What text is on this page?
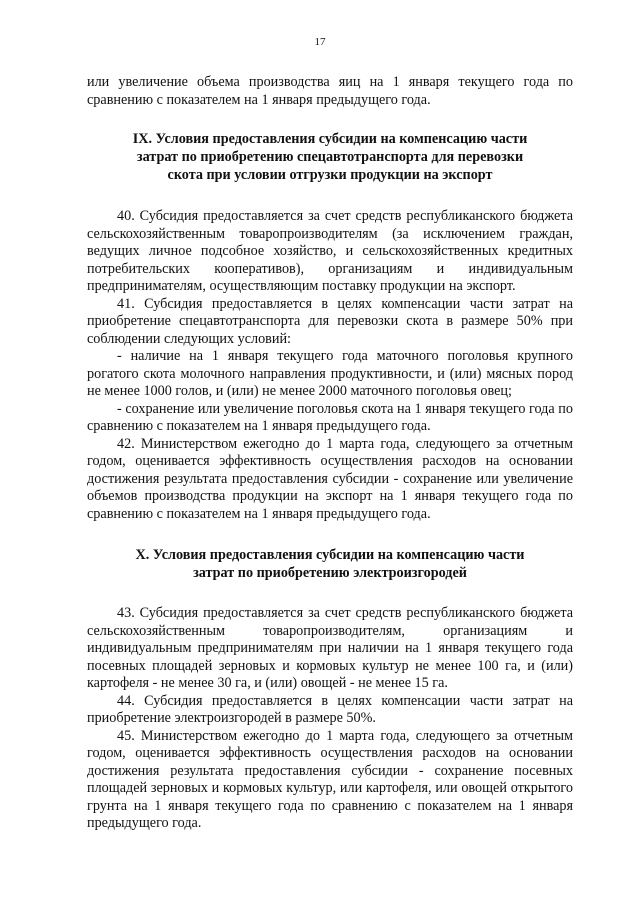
17

или увеличение объема производства яиц на 1 января текущего года по сравнению с показателем на 1 января предыдущего года.

IX. Условия предоставления субсидии на компенсацию части
затрат по приобретению спецавтотранспорта для перевозки
скота при условии отгрузки продукции на экспорт

40. Субсидия предоставляется за счет средств республиканского бюджета сельскохозяйственным товаропроизводителям (за исключением граждан, ведущих личное подсобное хозяйство, и сельскохозяйственных кредитных потребительских кооперативов), организациям и индивидуальным предпринимателям, осуществляющим поставку продукции на экспорт.

41. Субсидия предоставляется в целях компенсации части затрат на приобретение спецавтотранспорта для перевозки скота в размере 50% при соблюдении следующих условий:

- наличие на 1 января текущего года маточного поголовья крупного рогатого скота молочного направления продуктивности, и (или) мясных пород не менее 1000 голов, и (или) не менее 2000 маточного поголовья овец;

- сохранение или увеличение поголовья скота на 1 января текущего года по сравнению с показателем на 1 января предыдущего года.

42. Министерством ежегодно до 1 марта года, следующего за отчетным годом, оценивается эффективность осуществления расходов на основании достижения результата предоставления субсидии - сохранение или увеличение объемов производства продукции на экспорт на 1 января текущего года по сравнению с показателем на 1 января предыдущего года.

X. Условия предоставления субсидии на компенсацию части
затрат по приобретению электроизгородей

43. Субсидия предоставляется за счет средств республиканского бюджета сельскохозяйственным товаропроизводителям, организациям и индивидуальным предпринимателям при наличии на 1 января текущего года посевных площадей зерновых и кормовых культур не менее 100 га, и (или) картофеля - не менее 30 га, и (или) овощей - не менее 15 га.

44. Субсидия предоставляется в целях компенсации части затрат на приобретение электроизгородей в размере 50%.

45. Министерством ежегодно до 1 марта года, следующего за отчетным годом, оценивается эффективность осуществления расходов на основании достижения результата предоставления субсидии - сохранение посевных площадей зерновых и кормовых культур, или картофеля, или овощей открытого грунта на 1 января текущего года по сравнению с показателем на 1 января предыдущего года.
